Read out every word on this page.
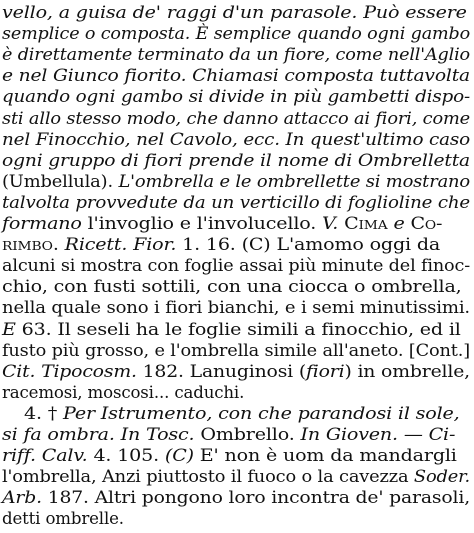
vello, a guisa de' raggi d'un parasole. Può essere
semplice o composta. È semplice quando ogni gambo
è direttamente terminato da un fiore, come nell'Aglio
e nel Giunco fiorito. Chiamasi composta tuttavolta
quando ogni gambo si divide in più gambetti dispo-
sti allo stesso modo, che danno attacco ai fiori, come
nel Finocchio, nel Cavolo, ecc. In quest'ultimo caso
ogni gruppo di fiori prende il nome di Ombrelletta
(Umbellula). L'ombrella e le ombrellette si mostrano
talvolta provvedute da un verticillo di foglioline che
formano l'invoglio e l'involucello. V. Cima e Co-
rimbo. Ricett. Fior. 1. 16. (C) L'amomo oggi da
alcuni si mostra con foglie assai più minute del finoc-
chio, con fusti sottili, con una ciocca o ombrella,
nella quale sono i fiori bianchi, e i semi minutissimi.
E 63. Il seseli ha le foglie simili a finocchio, ed il
fusto più grosso, e l'ombrella simile all'aneto. [Cont.]
Cit. Tipocosm. 182. Lanuginosi (fiori) in ombrelle,
racemosi, moscosi... caduchi.
4. † Per Istrumento, con che parandosi il sole,
si fa ombra. In Tosc. Ombrello. In Gioven. — Ci-
riff. Calv. 4. 105. (C) E' non è uom da mandargli
l'ombrella, Anzi piuttosto il fuoco o la cavezza Soder.
Arb. 187. Altri pongono loro incontra de' parasoli,
detti ombrelle.
